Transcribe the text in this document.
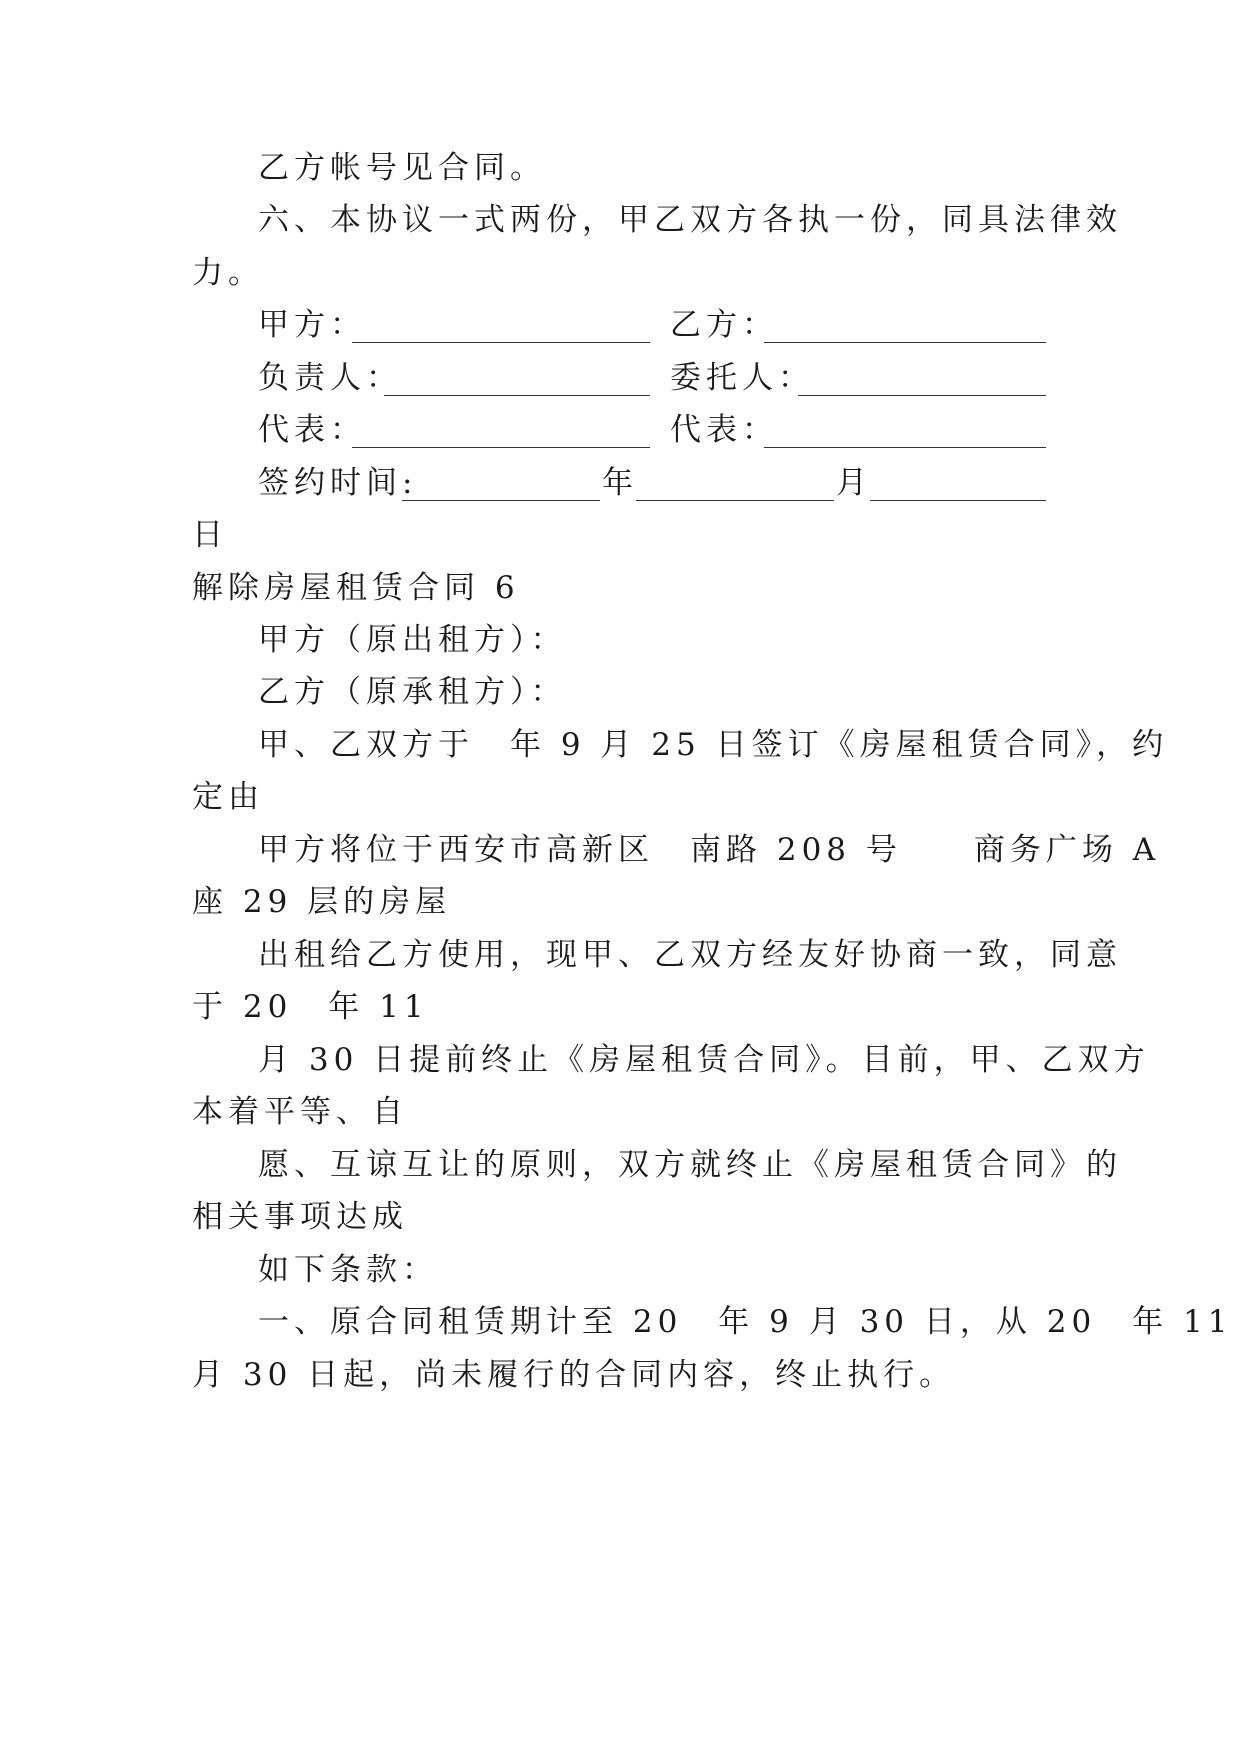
乙方帐号见合同。
六、本协议一式两份，甲乙双方各执一份，同具法律效
力。
甲方：	乙方：
负责人：	委托人：
代表：	代表：
签约时间:	年	月
日
解除房屋租赁合同 6
甲方（原出租方）：
乙方（原承租方）：
甲、乙双方于　年 9 月 25 日签订《房屋租赁合同》，约
定由
甲方将位于西安市高新区　南路 208 号　　商务广场 A
座 29 层的房屋
出租给乙方使用，现甲、乙双方经友好协商一致，同意
于 20　年 11
月 30 日提前终止《房屋租赁合同》。目前，甲、乙双方
本着平等、自
愿、互谅互让的原则，双方就终止《房屋租赁合同》的
相关事项达成
如下条款：
一、原合同租赁期计至 20　年 9 月 30 日，从 20　年 11
月 30 日起，尚未履行的合同内容，终止执行。
